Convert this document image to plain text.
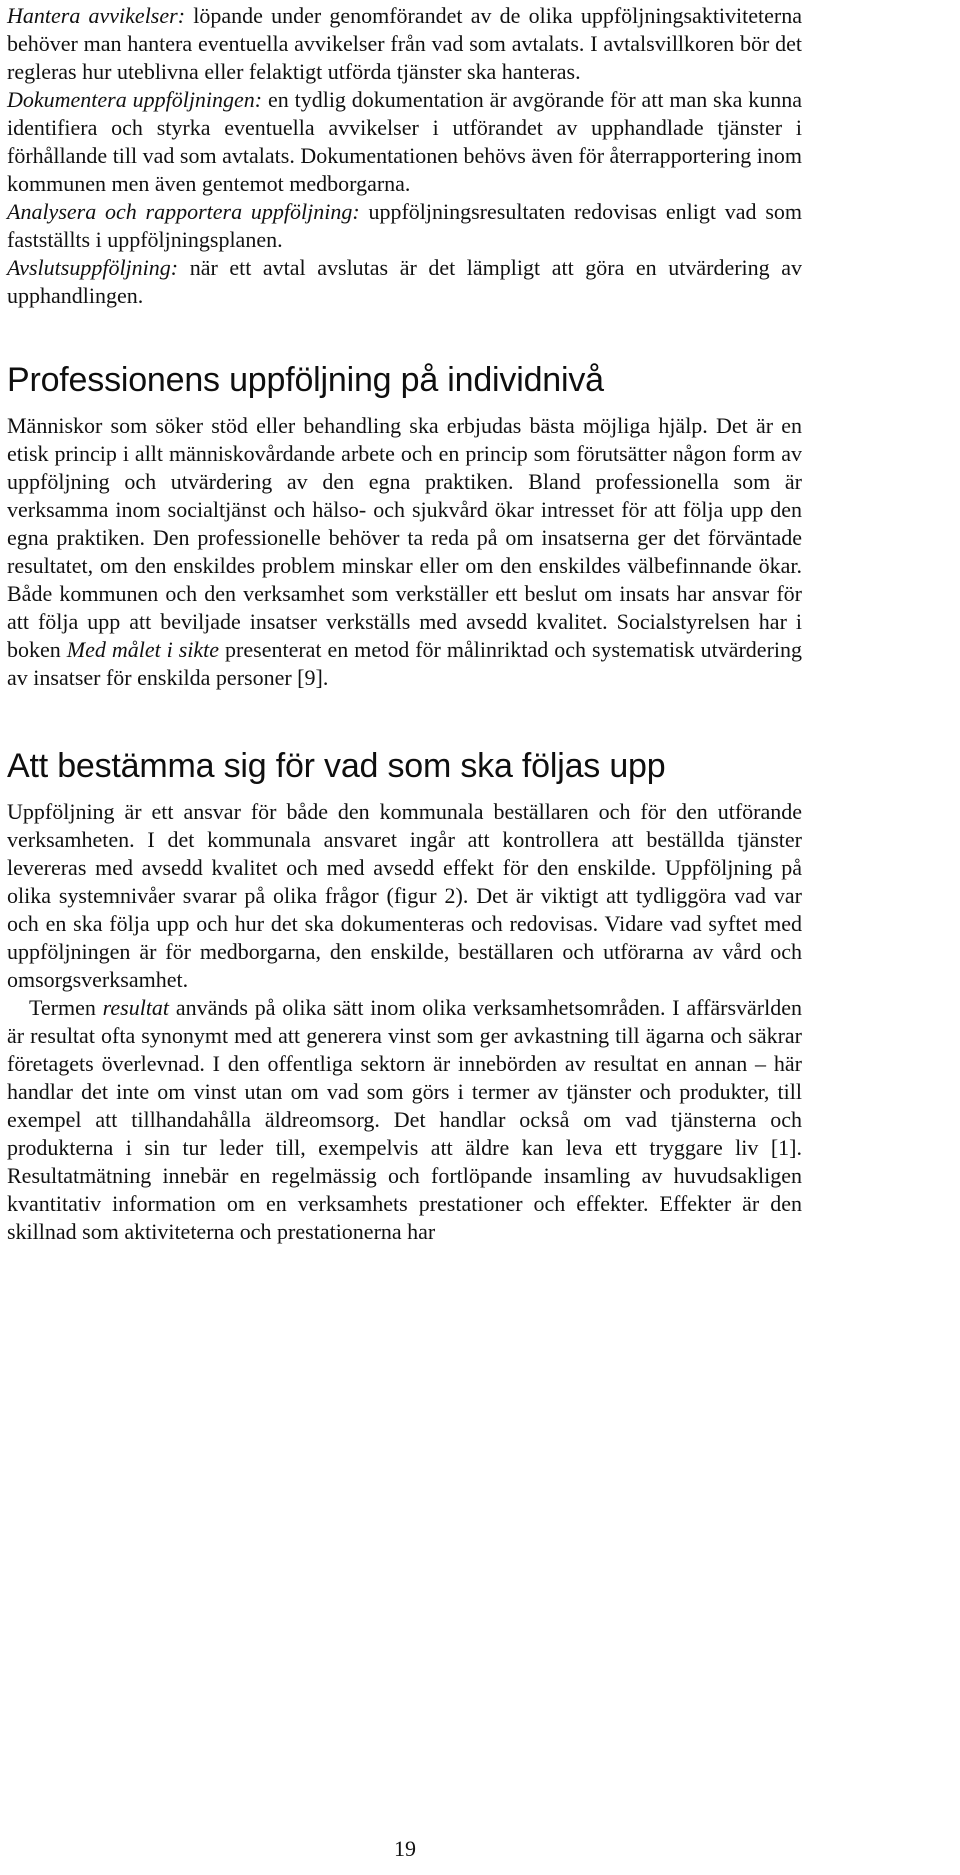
Hantera avvikelser: löpande under genomförandet av de olika uppföljningsaktiviteterna behöver man hantera eventuella avvikelser från vad som avtalats. I avtalsvillkoren bör det regleras hur uteblivna eller felaktigt utförda tjänster ska hanteras.

Dokumentera uppföljningen: en tydlig dokumentation är avgörande för att man ska kunna identifiera och styrka eventuella avvikelser i utförandet av upphandlade tjänster i förhållande till vad som avtalats. Dokumentationen behövs även för återrapportering inom kommunen men även gentemot medborgarna.

Analysera och rapportera uppföljning: uppföljningsresultaten redovisas enligt vad som fastställts i uppföljningsplanen.

Avslutsuppföljning: när ett avtal avslutas är det lämpligt att göra en utvärdering av upphandlingen.

Professionens uppföljning på individnivå

Människor som söker stöd eller behandling ska erbjudas bästa möjliga hjälp. Det är en etisk princip i allt människovårdande arbete och en princip som förutsätter någon form av uppföljning och utvärdering av den egna praktiken. Bland professionella som är verksamma inom socialtjänst och hälso- och sjukvård ökar intresset för att följa upp den egna praktiken. Den professionelle behöver ta reda på om insatserna ger det förväntade resultatet, om den enskildes problem minskar eller om den enskildes välbefinnande ökar. Både kommunen och den verksamhet som verkställer ett beslut om insats har ansvar för att följa upp att beviljade insatser verkställs med avsedd kvalitet. Socialstyrelsen har i boken Med målet i sikte presenterat en metod för målinriktad och systematisk utvärdering av insatser för enskilda personer [9].

Att bestämma sig för vad som ska följas upp

Uppföljning är ett ansvar för både den kommunala beställaren och för den utförande verksamheten. I det kommunala ansvaret ingår att kontrollera att beställda tjänster levereras med avsedd kvalitet och med avsedd effekt för den enskilde. Uppföljning på olika systemnivåer svarar på olika frågor (figur 2). Det är viktigt att tydliggöra vad var och en ska följa upp och hur det ska dokumenteras och redovisas. Vidare vad syftet med uppföljningen är för medborgarna, den enskilde, beställaren och utförarna av vård och omsorgsverksamhet.

Termen resultat används på olika sätt inom olika verksamhetsområden. I affärsvärlden är resultat ofta synonymt med att generera vinst som ger avkastning till ägarna och säkrar företagets överlevnad. I den offentliga sektorn är innebörden av resultat en annan – här handlar det inte om vinst utan om vad som görs i termer av tjänster och produkter, till exempel att tillhandahålla äldreomsorg. Det handlar också om vad tjänsterna och produkterna i sin tur leder till, exempelvis att äldre kan leva ett tryggare liv [1]. Resultatmätning innebär en regelmässig och fortlöpande insamling av huvudsakligen kvantitativ information om en verksamhets prestationer och effekter. Effekter är den skillnad som aktiviteterna och prestationerna har

19
